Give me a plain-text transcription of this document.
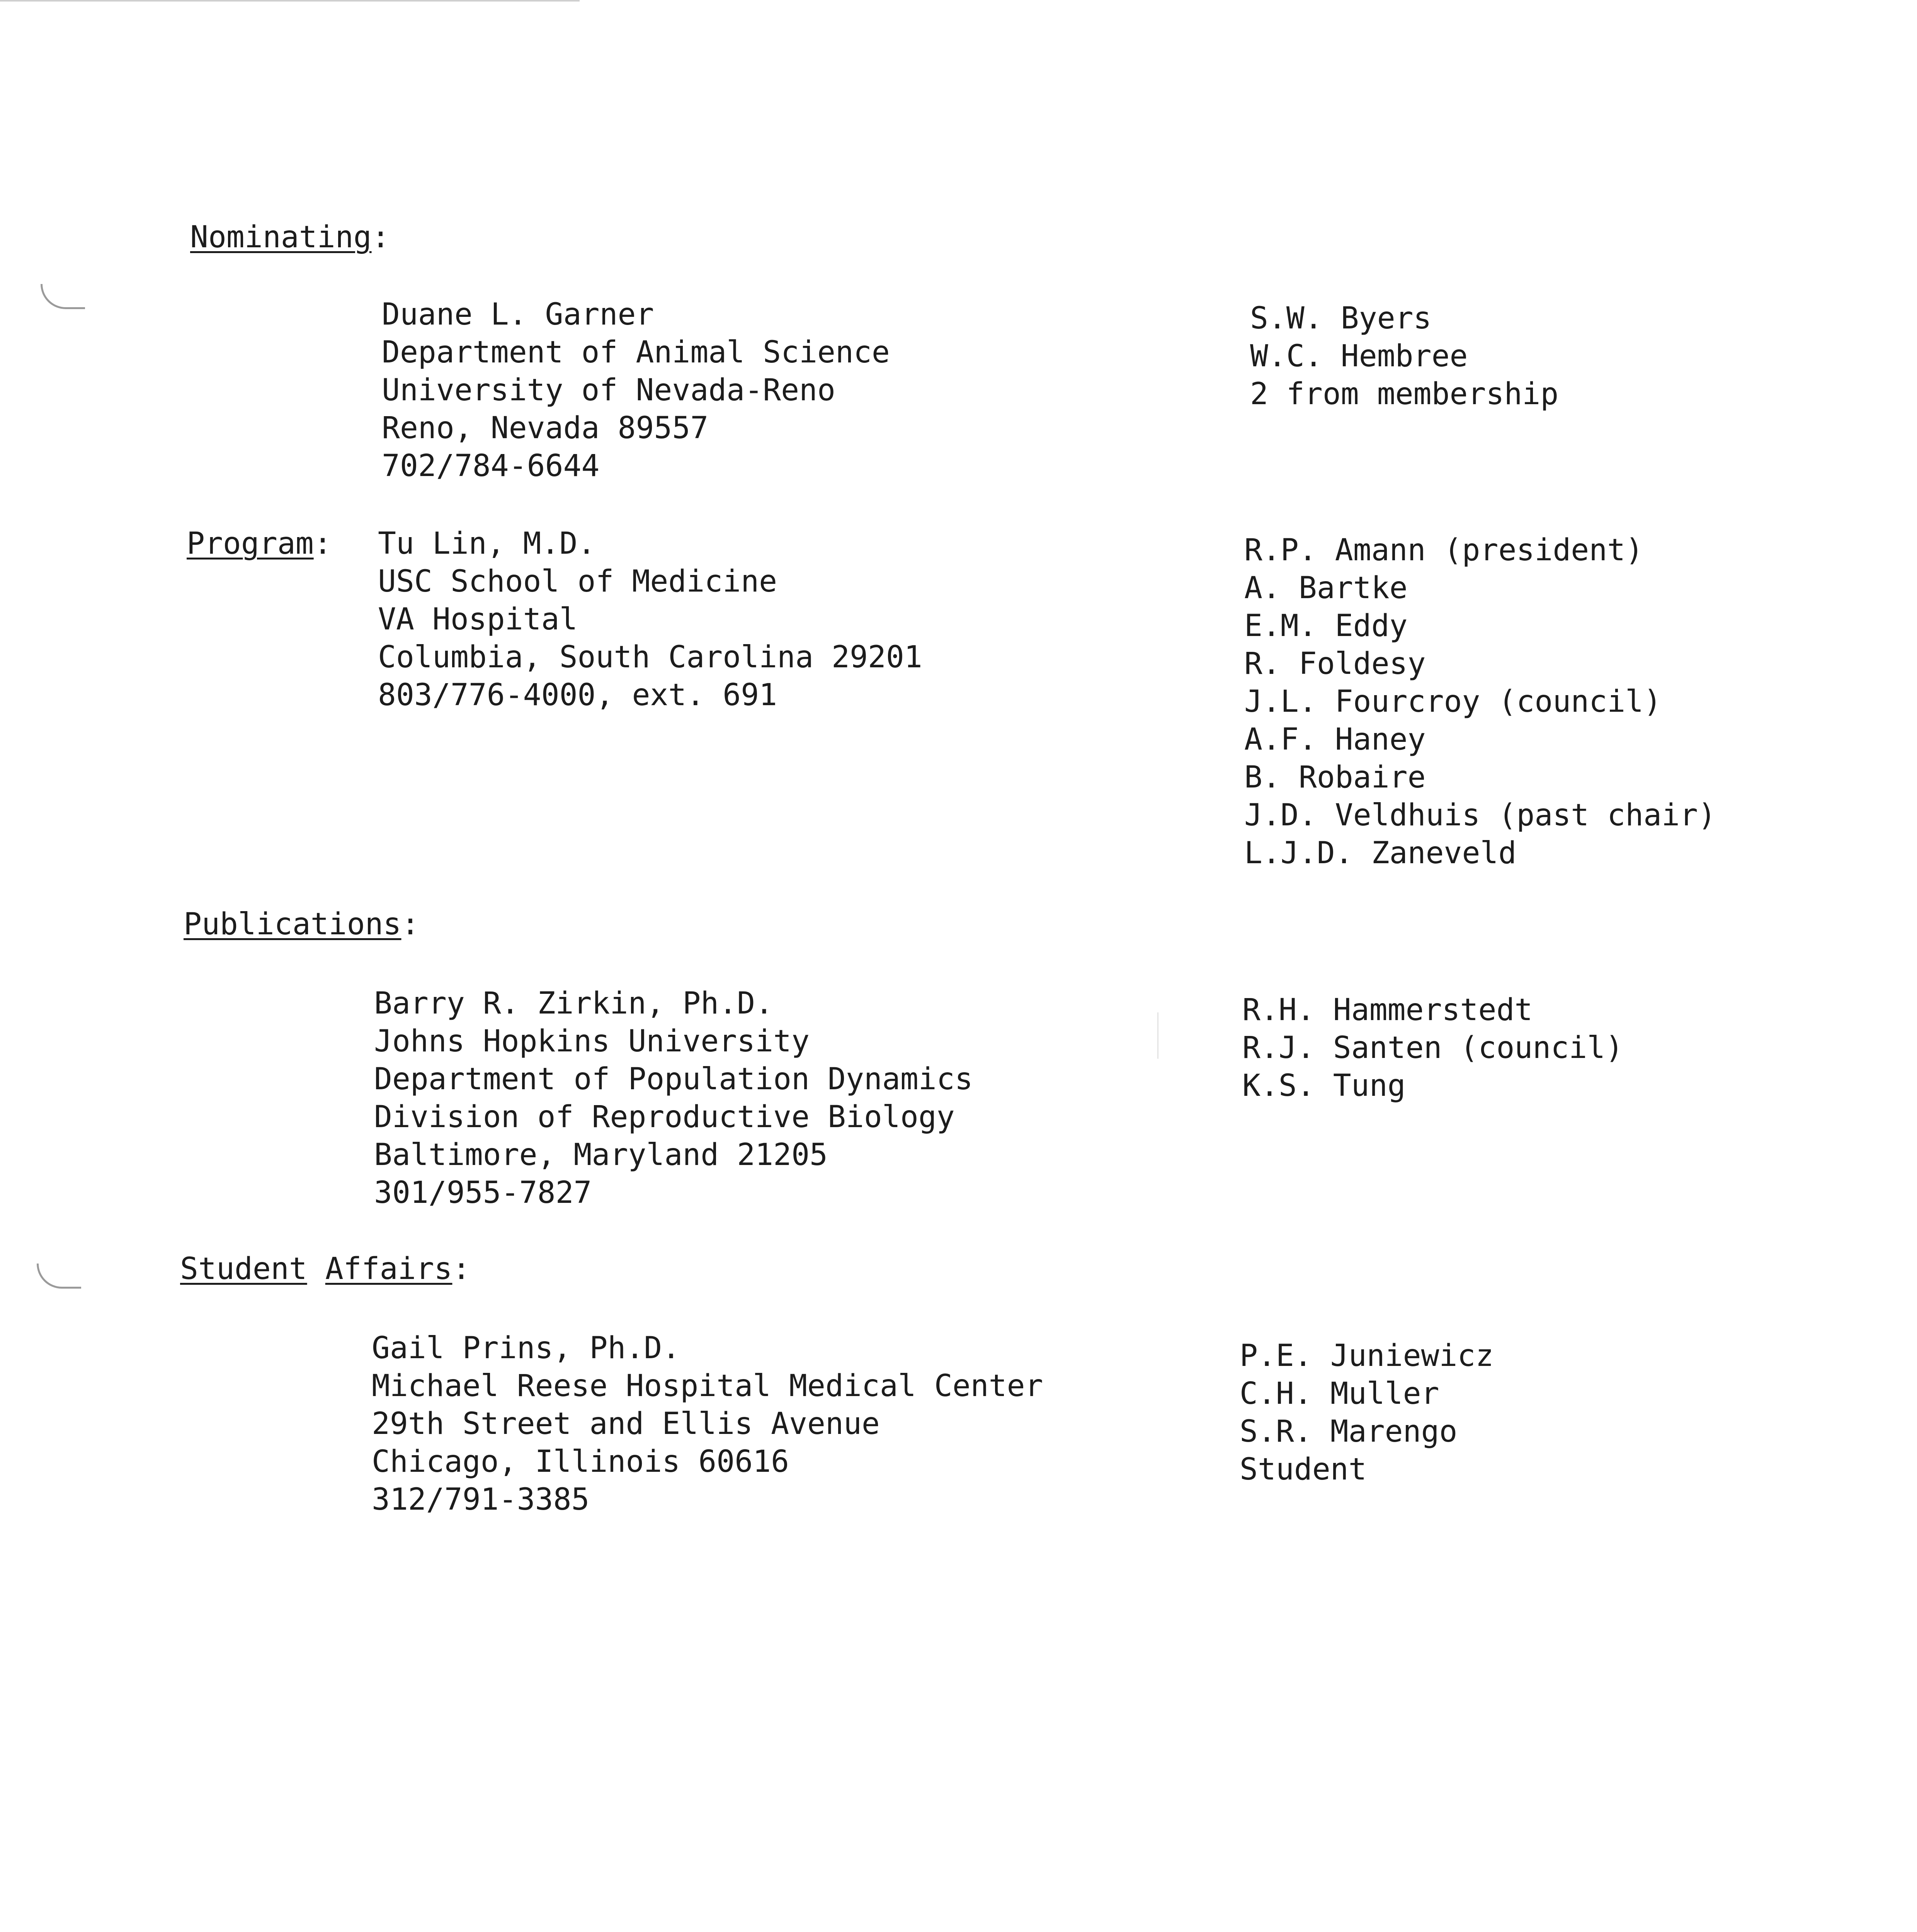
Nominating:
Duane L. Garner
Department of Animal Science
University of Nevada-Reno
Reno, Nevada 89557
702/784-6644
S.W. Byers
W.C. Hembree
2 from membership
Program: Tu Lin, M.D.
USC School of Medicine
VA Hospital
Columbia, South Carolina 29201
803/776-4000, ext. 691
R.P. Amann (president)
A. Bartke
E.M. Eddy
R. Foldesy
J.L. Fourcroy (council)
A.F. Haney
B. Robaire
J.D. Veldhuis (past chair)
L.J.D. Zaneveld
Publications:
Barry R. Zirkin, Ph.D.
Johns Hopkins University
Department of Population Dynamics
Division of Reproductive Biology
Baltimore, Maryland 21205
301/955-7827
R.H. Hammerstedt
R.J. Santen (council)
K.S. Tung
Student Affairs:
Gail Prins, Ph.D.
Michael Reese Hospital Medical Center
29th Street and Ellis Avenue
Chicago, Illinois 60616
312/791-3385
P.E. Juniewicz
C.H. Muller
S.R. Marengo
Student
